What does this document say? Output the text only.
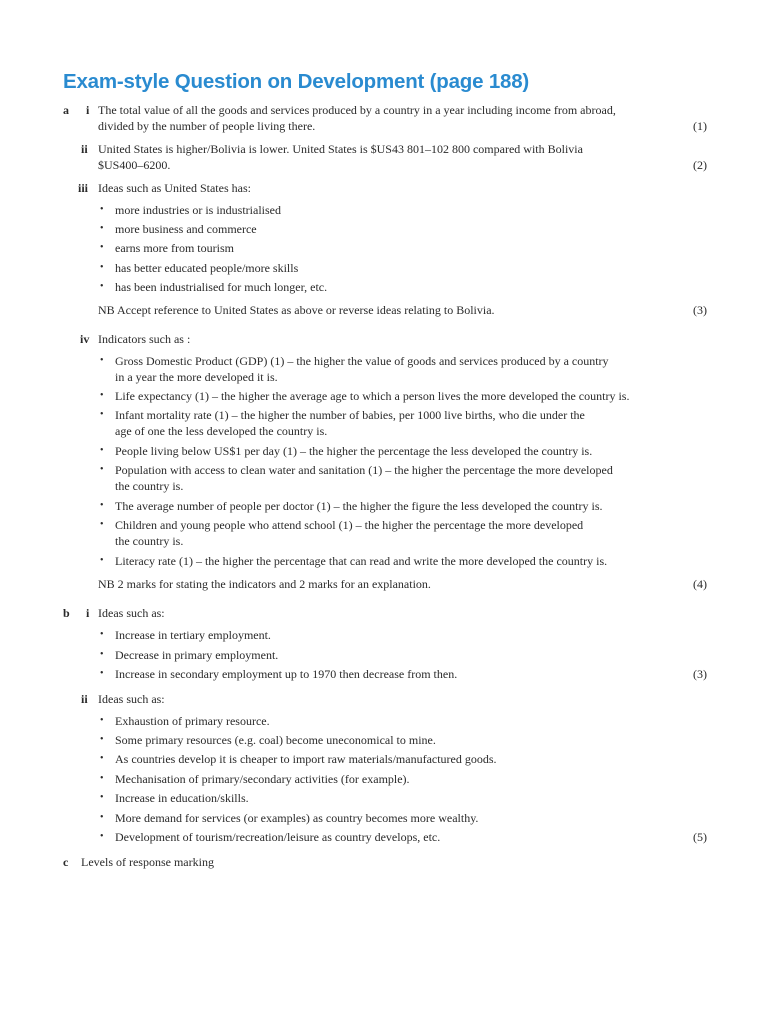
Exam-style Question on Development (page 188)
a i The total value of all the goods and services produced by a country in a year including income from abroad,
divided by the number of people living there.	(1)
ii United States is higher/Bolivia is lower. United States is $US43 801–102 800 compared with Bolivia
$US400–6200.	(2)
iii Ideas such as United States has:
• more industries or is industrialised
• more business and commerce
• earns more from tourism
• has better educated people/more skills
• has been industrialised for much longer, etc.
NB Accept reference to United States as above or reverse ideas relating to Bolivia.	(3)
iv Indicators such as :
• Gross Domestic Product (GDP) (1) – the higher the value of goods and services produced by a country
in a year the more developed it is.
• Life expectancy (1) – the higher the average age to which a person lives the more developed the country is.
• Infant mortality rate (1) – the higher the number of babies, per 1000 live births, who die under the
age of one the less developed the country is.
• People living below US$1 per day (1) – the higher the percentage the less developed the country is.
• Population with access to clean water and sanitation (1) – the higher the percentage the more developed
the country is.
• The average number of people per doctor (1) – the higher the figure the less developed the country is.
• Children and young people who attend school (1) – the higher the percentage the more developed
the country is.
• Literacy rate (1) – the higher the percentage that can read and write the more developed the country is.
NB 2 marks for stating the indicators and 2 marks for an explanation.	(4)
b i Ideas such as:
• Increase in tertiary employment.
• Decrease in primary employment.
• Increase in secondary employment up to 1970 then decrease from then.	(3)
ii Ideas such as:
• Exhaustion of primary resource.
• Some primary resources (e.g. coal) become uneconomical to mine.
• As countries develop it is cheaper to import raw materials/manufactured goods.
• Mechanisation of primary/secondary activities (for example).
• Increase in education/skills.
• More demand for services (or examples) as country becomes more wealthy.
• Development of tourism/recreation/leisure as country develops, etc.	(5)
c Levels of response marking
